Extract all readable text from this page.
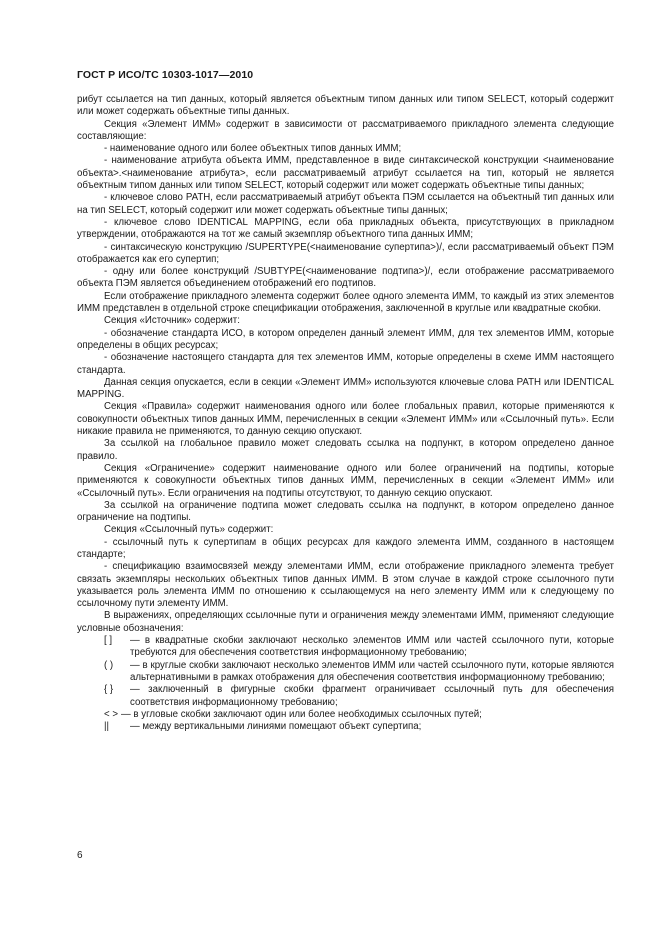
ГОСТ Р ИСО/ТС 10303-1017—2010

рибут ссылается на тип данных, который является объектным типом данных или типом SELECT, который содержит или может содержать объектные типы данных.

Секция «Элемент ИММ» содержит в зависимости от рассматриваемого прикладного элемента следующие составляющие:

- наименование одного или более объектных типов данных ИММ;

- наименование атрибута объекта ИММ, представленное в виде синтаксической конструкции <наименование объекта>.<наименование атрибута>, если рассматриваемый атрибут ссылается на тип, который не является объектным типом данных или типом SELECT, который содержит или может содержать объектные типы данных;

- ключевое слово PATH, если рассматриваемый атрибут объекта ПЭМ ссылается на объектный тип данных или на тип SELECT, который содержит или может содержать объектные типы данных;

- ключевое слово IDENTICAL MAPPING, если оба прикладных объекта, присутствующих в прикладном утверждении, отображаются на тот же самый экземпляр объектного типа данных ИММ;

- синтаксическую конструкцию /SUPERTYPE(<наименование супертипа>)/, если рассматриваемый объект ПЭМ отображается как его супертип;

- одну или более конструкций /SUBTYPE(<наименование подтипа>)/, если отображение рассматриваемого объекта ПЭМ является объединением отображений его подтипов.

Если отображение прикладного элемента содержит более одного элемента ИММ, то каждый из этих элементов ИММ представлен в отдельной строке спецификации отображения, заключенной в круглые или квадратные скобки.

Секция «Источник» содержит:

- обозначение стандарта ИСО, в котором определен данный элемент ИММ, для тех элементов ИММ, которые определены в общих ресурсах;

- обозначение настоящего стандарта для тех элементов ИММ, которые определены в схеме ИММ настоящего стандарта.

Данная секция опускается, если в секции «Элемент ИММ» используются ключевые слова PATH или IDENTICAL MAPPING.

Секция «Правила» содержит наименования одного или более глобальных правил, которые применяются к совокупности объектных типов данных ИММ, перечисленных в секции «Элемент ИММ» или «Ссылочный путь». Если никакие правила не применяются, то данную секцию опускают.

За ссылкой на глобальное правило может следовать ссылка на подпункт, в котором определено данное правило.

Секция «Ограничение» содержит наименование одного или более ограничений на подтипы, которые применяются к совокупности объектных типов данных ИММ, перечисленных в секции «Элемент ИММ» или «Ссылочный путь». Если ограничения на подтипы отсутствуют, то данную секцию опускают.

За ссылкой на ограничение подтипа может следовать ссылка на подпункт, в котором определено данное ограничение на подтипы.

Секция «Ссылочный путь» содержит:

- ссылочный путь к супертипам в общих ресурсах для каждого элемента ИММ, созданного в настоящем стандарте;

- спецификацию взаимосвязей между элементами ИММ, если отображение прикладного элемента требует связать экземпляры нескольких объектных типов данных ИММ. В этом случае в каждой строке ссылочного пути указывается роль элемента ИММ по отношению к ссылающемуся на него элементу ИММ или к следующему по ссылочному пути элементу ИММ.

В выражениях, определяющих ссылочные пути и ограничения между элементами ИММ, применяют следующие условные обозначения:

[ ]	— в квадратные скобки заключают несколько элементов ИММ или частей ссылочного пути, которые требуются для обеспечения соответствия информационному требованию;
( )	— в круглые скобки заключают несколько элементов ИММ или частей ссылочного пути, которые являются альтернативными в рамках отображения для обеспечения соответствия информационному требованию;
{ }	— заключенный в фигурные скобки фрагмент ограничивает ссылочный путь для обеспечения соответствия информационному требованию;
< > — в угловые скобки заключают один или более необходимых ссылочных путей;
||	— между вертикальными линиями помещают объект супертипа;
6
